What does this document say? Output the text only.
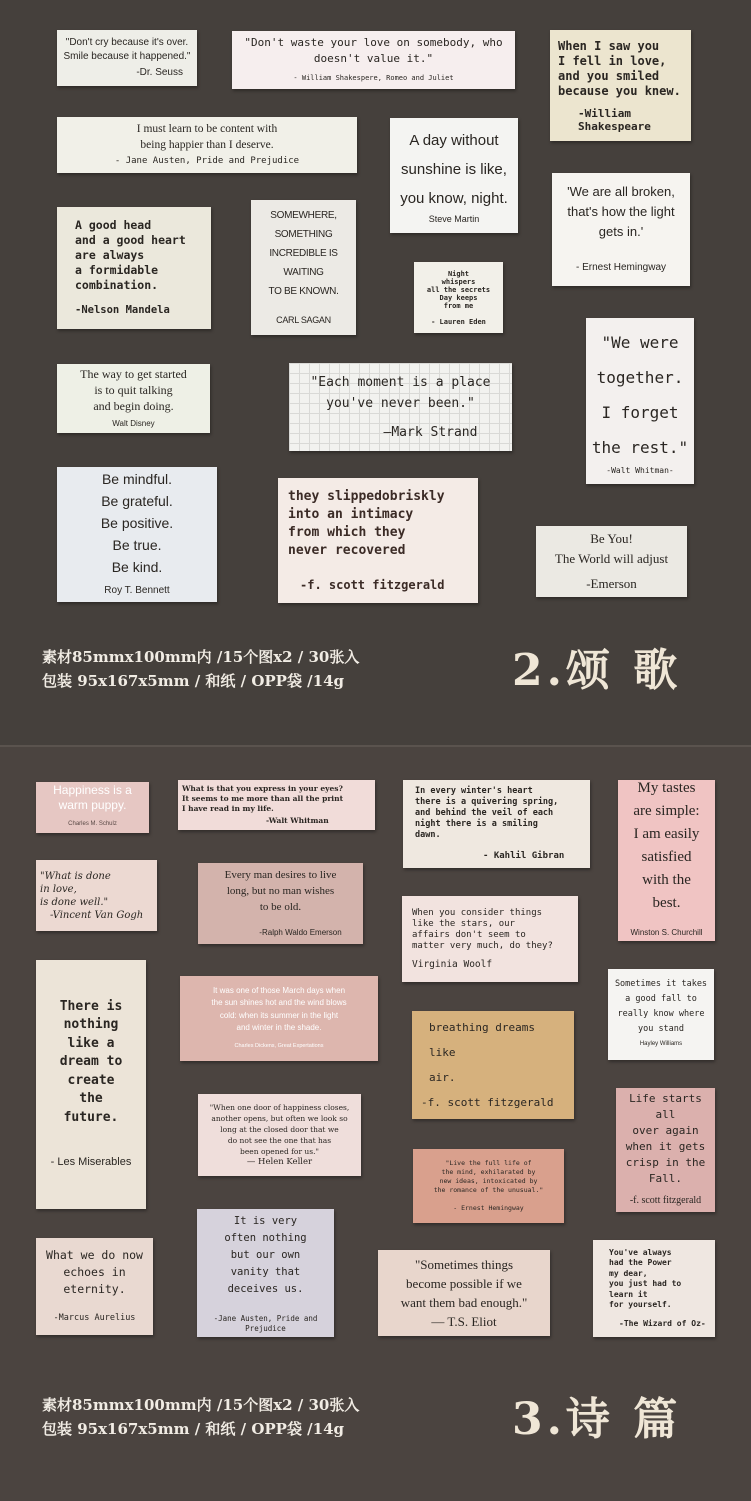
"Don't cry because it's over.
Smile because it happened."
-Dr. Seuss
"Don't waste your love on somebody, who
doesn't value it."
- William Shakespere, Romeo and Juliet
When I saw you
I fell in love,
and you smiled
because you knew.
-William
Shakespeare
I must learn to be content with
being happier than I deserve.
- Jane Austen, Pride and Prejudice
A day without
sunshine is like,
you know, night.
Steve Martin
'We are all broken,
that's how the light
gets in.'
- Ernest Hemingway
A good head
and a good heart
are always
a formidable
combination.
-Nelson Mandela
SOMEWHERE,
SOMETHING
INCREDIBLE IS WAITING
TO BE KNOWN.
CARL SAGAN
Night
whispers
all the secrets
Day keeps
from me
- Lauren Eden
"We were
together.
I forget
the rest."
-Walt Whitman-
The way to get started
is to quit talking
and begin doing.
Walt Disney
"Each moment is a place
you've never been."
—Mark Strand
Be mindful.
Be grateful.
Be positive.
Be true.
Be kind.
Roy T. Bennett
they slippedobriskly
into an intimacy
from which they
never recovered
-f. scott fitzgerald
Be You!
The World will adjust
-Emerson
素材85mmx100mm内 /15个图x2 / 30张入
包装 95x167x5mm / 和纸 / OPP袋 /14g	2.颂 歌
Happiness is a
warm puppy.
Charles M. Schulz
What is that you express in your eyes?
It seems to me more than all the print
I have read in my life.
-Walt Whitman
In every winter's heart
there is a quivering spring,
and behind the veil of each
night there is a smiling
dawn.
- Kahlil Gibran
My tastes
are simple:
I am easily
satisfied
with the
best.
Winston S. Churchill
"What is done
in love,
is done well."
-Vincent Van Gogh
Every man desires to live
long, but no man wishes
to be old.
-Ralph Waldo Emerson
When you consider things
like the stars, our
affairs don't seem to
matter very much, do they?
Virginia Woolf
There is
nothing
like a
dream to
create
the
future.
- Les Miserables
It was one of those March days when
the sun shines hot and the wind blows
cold: when its summer in the light
and winter in the shade.
Charles Dickens, Great Expertations
Sometimes it takes
a good fall to
really know where
you stand
Hayley Williams
breathing dreams
like
air.
-f. scott fitzgerald
"When one door of happiness closes,
another opens, but often we look so
long at the closed door that we
do not see the one that has
been opened for us."
— Helen Keller
Life starts
all
over again
when it gets
crisp in the
Fall.
-f. scott fitzgerald
"Live the full life of
the mind, exhilarated by
new ideas, intoxicated by
the romance of the unusual."
- Ernest Hemingway
What we do now
echoes in
eternity.
-Marcus Aurelius
It is very
often nothing
but our own
vanity that
deceives us.
-Jane Austen, Pride and
Prejudice
"Sometimes things
become possible if we
want them bad enough."
— T.S. Eliot
You've always
had the Power
my dear,
you just had to
learn it
for yourself.
-The Wizard of Oz-
素材85mmx100mm内 /15个图x2 / 30张入
包装 95x167x5mm / 和纸 / OPP袋 /14g	3.诗 篇
